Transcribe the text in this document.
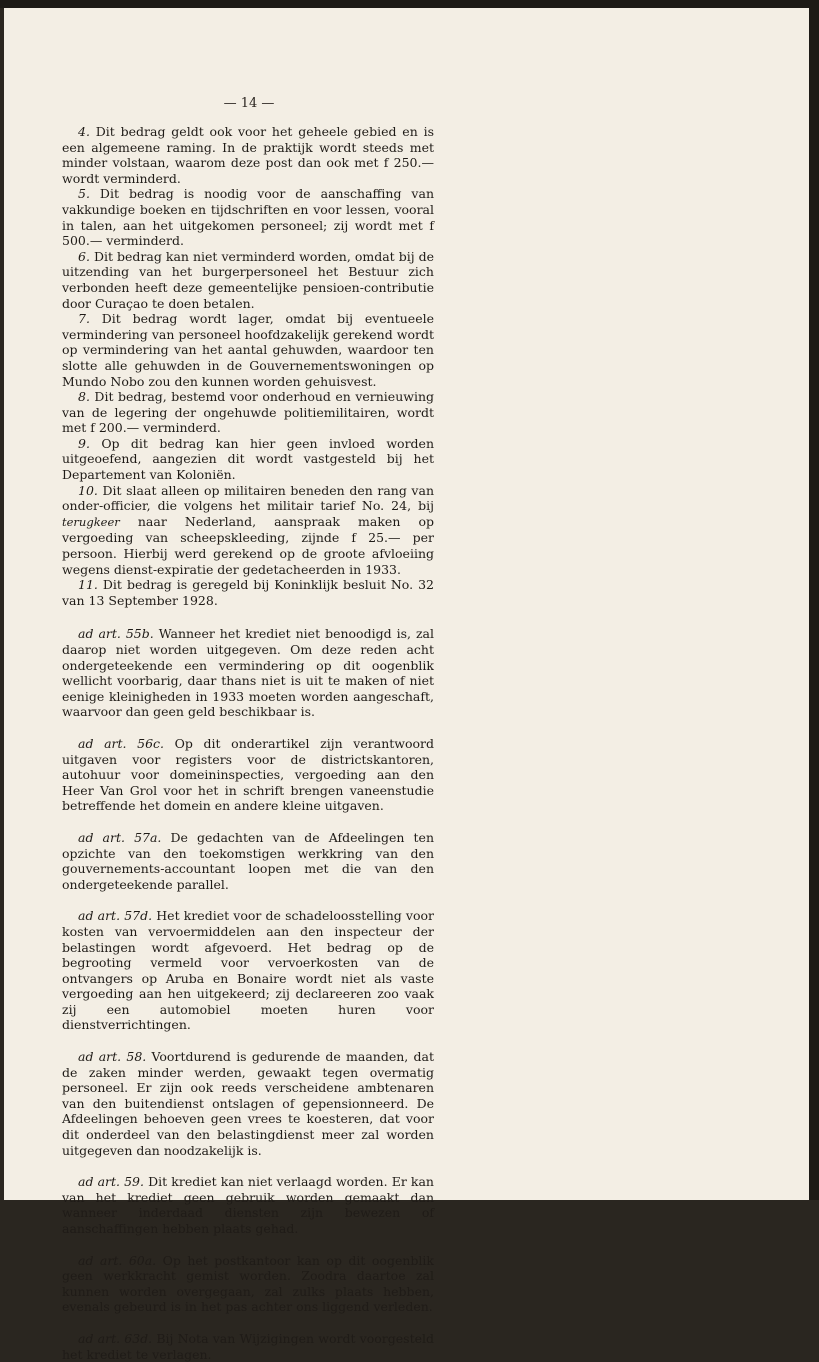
— 14 —

4. Dit bedrag geldt ook voor het geheele gebied en is een algemeene raming. In de praktijk wordt steeds met minder volstaan, waarom deze post dan ook met f 250.— wordt verminderd.

5. Dit bedrag is noodig voor de aanschaffing van vakkundige boeken en tijdschriften en voor lessen, vooral in talen, aan het uitgekomen personeel; zij wordt met f 500.— verminderd.

6. Dit bedrag kan niet verminderd worden, omdat bij de uitzending van het burgerpersoneel het Bestuur zich verbonden heeft deze gemeentelijke pensioen-contributie door Curaçao te doen betalen.

7. Dit bedrag wordt lager, omdat bij eventueele vermindering van personeel hoofdzakelijk gerekend wordt op vermindering van het aantal gehuwden, waardoor ten slotte alle gehuwden in de Gouvernementswoningen op Mundo Nobo zou den kunnen worden gehuisvest.

8. Dit bedrag, bestemd voor onderhoud en vernieuwing van de legering der ongehuwde politiemilitairen, wordt met f 200.— verminderd.

9. Op dit bedrag kan hier geen invloed worden uitgeoefend, aangezien dit wordt vastgesteld bij het Departement van Koloniën.

10. Dit slaat alleen op militairen beneden den rang van onder-officier, die volgens het militair tarief No. 24, bij terugkeer naar Nederland, aanspraak maken op vergoeding van scheepskleeding, zijnde f 25.— per persoon. Hierbij werd gerekend op de groote afvloeiing wegens dienst-expiratie der gedetacheerden in 1933.

11. Dit bedrag is geregeld bij Koninklijk besluit No. 32 van 13 September 1928.

ad art. 55b. Wanneer het krediet niet benoodigd is, zal daarop niet worden uitgegeven. Om deze reden acht ondergeteekende een vermindering op dit oogenblik wellicht voorbarig, daar thans niet is uit te maken of niet eenige kleinigheden in 1933 moeten worden aangeschaft, waarvoor dan geen geld beschikbaar is.

ad art. 56c. Op dit onderartikel zijn verantwoord uitgaven voor registers voor de districtskantoren, autohuur voor domeininspecties, vergoeding aan den Heer Van Grol voor het in schrift brengen vaneenstudie betreffende het domein en andere kleine uitgaven.

ad art. 57a. De gedachten van de Afdeelingen ten opzichte van den toekomstigen werkkring van den gouvernements-accountant loopen met die van den ondergeteekende parallel.

ad art. 57d. Het krediet voor de schadeloosstelling voor kosten van vervoermiddelen aan den inspecteur der belastingen wordt afgevoerd. Het bedrag op de begrooting vermeld voor vervoerkosten van de ontvangers op Aruba en Bonaire wordt niet als vaste vergoeding aan hen uitgekeerd; zij declareeren zoo vaak zij een automobiel moeten huren voor dienstverrichtingen.

ad art. 58. Voortdurend is gedurende de maanden, dat de zaken minder werden, gewaakt tegen overmatig personeel. Er zijn ook reeds verscheidene ambtenaren van den buitendienst ontslagen of gepensionneerd. De Afdeelingen behoeven geen vrees te koesteren, dat voor dit onderdeel van den belastingdienst meer zal worden uitgegeven dan noodzakelijk is.

ad art. 59. Dit krediet kan niet verlaagd worden. Er kan van het krediet geen gebruik worden gemaakt dan wanneer inderdaad diensten zijn bewezen of aanschaffingen hebben plaats gehad.

ad art. 60a. Op het postkantoor kan op dit oogenblik geen werkkracht gemist worden. Zoodra daartoe zal kunnen worden overgegaan, zal zulks plaats hebben, evenals gebeurd is in het pas achter ons liggend verleden.

ad art. 63d. Bij Nota van Wijzigingen wordt voorgesteld het krediet te verlagen.
